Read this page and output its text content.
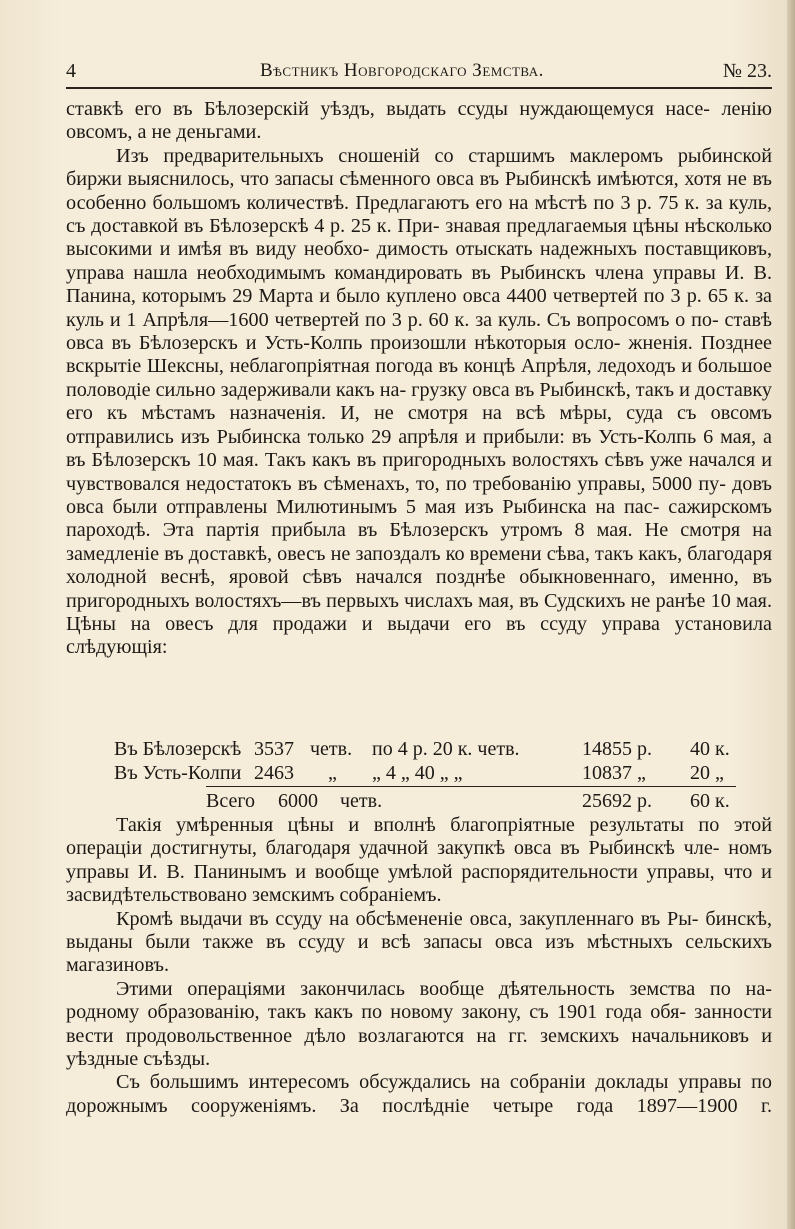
4	Вѣстникъ Новгородскаго Земства.	№ 23.

ставкѣ его въ Бѣлозерскій уѣздъ, выдать ссуды нуждающемуся насе- ленію овсомъ, а не деньгами.

Изъ предварительныхъ сношеній со старшимъ маклеромъ рыбинской биржи выяснилось, что запасы сѣменного овса въ Рыбинскѣ имѣются, хотя не въ особенно большомъ количествѣ. Предлагаютъ его на мѣстѣ по 3 р. 75 к. за куль, съ доставкой въ Бѣлозерскѣ 4 р. 25 к. При- знавая предлагаемыя цѣны нѣсколько высокими и имѣя въ виду необхо- димость отыскать надежныхъ поставщиковъ, управа нашла необходимымъ командировать въ Рыбинскъ члена управы И. В. Панина, которымъ 29 Марта и было куплено овса 4400 четвертей по 3 р. 65 к. за куль и 1 Апрѣля—1600 четвертей по 3 р. 60 к. за куль. Съ вопросомъ о по- ставѣ овса въ Бѣлозерскъ и Усть-Колпь произошли нѣкоторыя осло- жненія. Позднее вскрытіе Шексны, неблагопріятная погода въ концѣ Апрѣля, ледоходъ и большое половодіе сильно задерживали какъ на- грузку овса въ Рыбинскѣ, такъ и доставку его къ мѣстамъ назначенія. И, не смотря на всѣ мѣры, суда съ овсомъ отправились изъ Рыбинска только 29 апрѣля и прибыли: въ Усть-Колпь 6 мая, а въ Бѣлозерскъ 10 мая. Такъ какъ въ пригородныхъ волостяхъ сѣвъ уже начался и чувствовался недостатокъ въ сѣменахъ, то, по требованію управы, 5000 пу- довъ овса были отправлены Милютинымъ 5 мая изъ Рыбинска на пас- сажирскомъ пароходѣ. Эта партія прибыла въ Бѣлозерскъ утромъ 8 мая. Не смотря на замедленіе въ доставкѣ, овесъ не запоздалъ ко времени сѣва, такъ какъ, благодаря холодной веснѣ, яровой сѣвъ начался позднѣе обыкновеннаго, именно, въ пригородныхъ волостяхъ—въ первыхъ числахъ мая, въ Судскихъ не ранѣе 10 мая. Цѣны на овесъ для продажи и выдачи его въ ссуду управа установила слѣдующія:

Въ Бѣлозерскѣ 3537 четв. по 4 р. 20 к. четв.	14855 р. 40 к.
Въ Усть-Колпи 2463 „ „ 4 „ 40 „ „	10837 „ 20 „
Всего 6000 четв.	25692 р. 60 к.

Такія умѣренныя цѣны и вполнѣ благопріятные результаты по этой операціи достигнуты, благодаря удачной закупкѣ овса въ Рыбинскѣ чле- номъ управы И. В. Панинымъ и вообще умѣлой распорядительности управы, что и засвидѣтельствовано земскимъ собраніемъ.

Кромѣ выдачи въ ссуду на обсѣмененіе овса, закупленнаго въ Ры- бинскѣ, выданы были также въ ссуду и всѣ запасы овса изъ мѣстныхъ сельскихъ магазиновъ.

Этими операціями закончилась вообще дѣятельность земства по на- родному образованію, такъ какъ по новому закону, съ 1901 года обя- занности вести продовольственное дѣло возлагаются на гг. земскихъ начальниковъ и уѣздные съѣзды.

Съ большимъ интересомъ обсуждались на собраніи доклады управы по дорожнымъ сооруженіямъ. За послѣдніе четыре года 1897—1900 г.
